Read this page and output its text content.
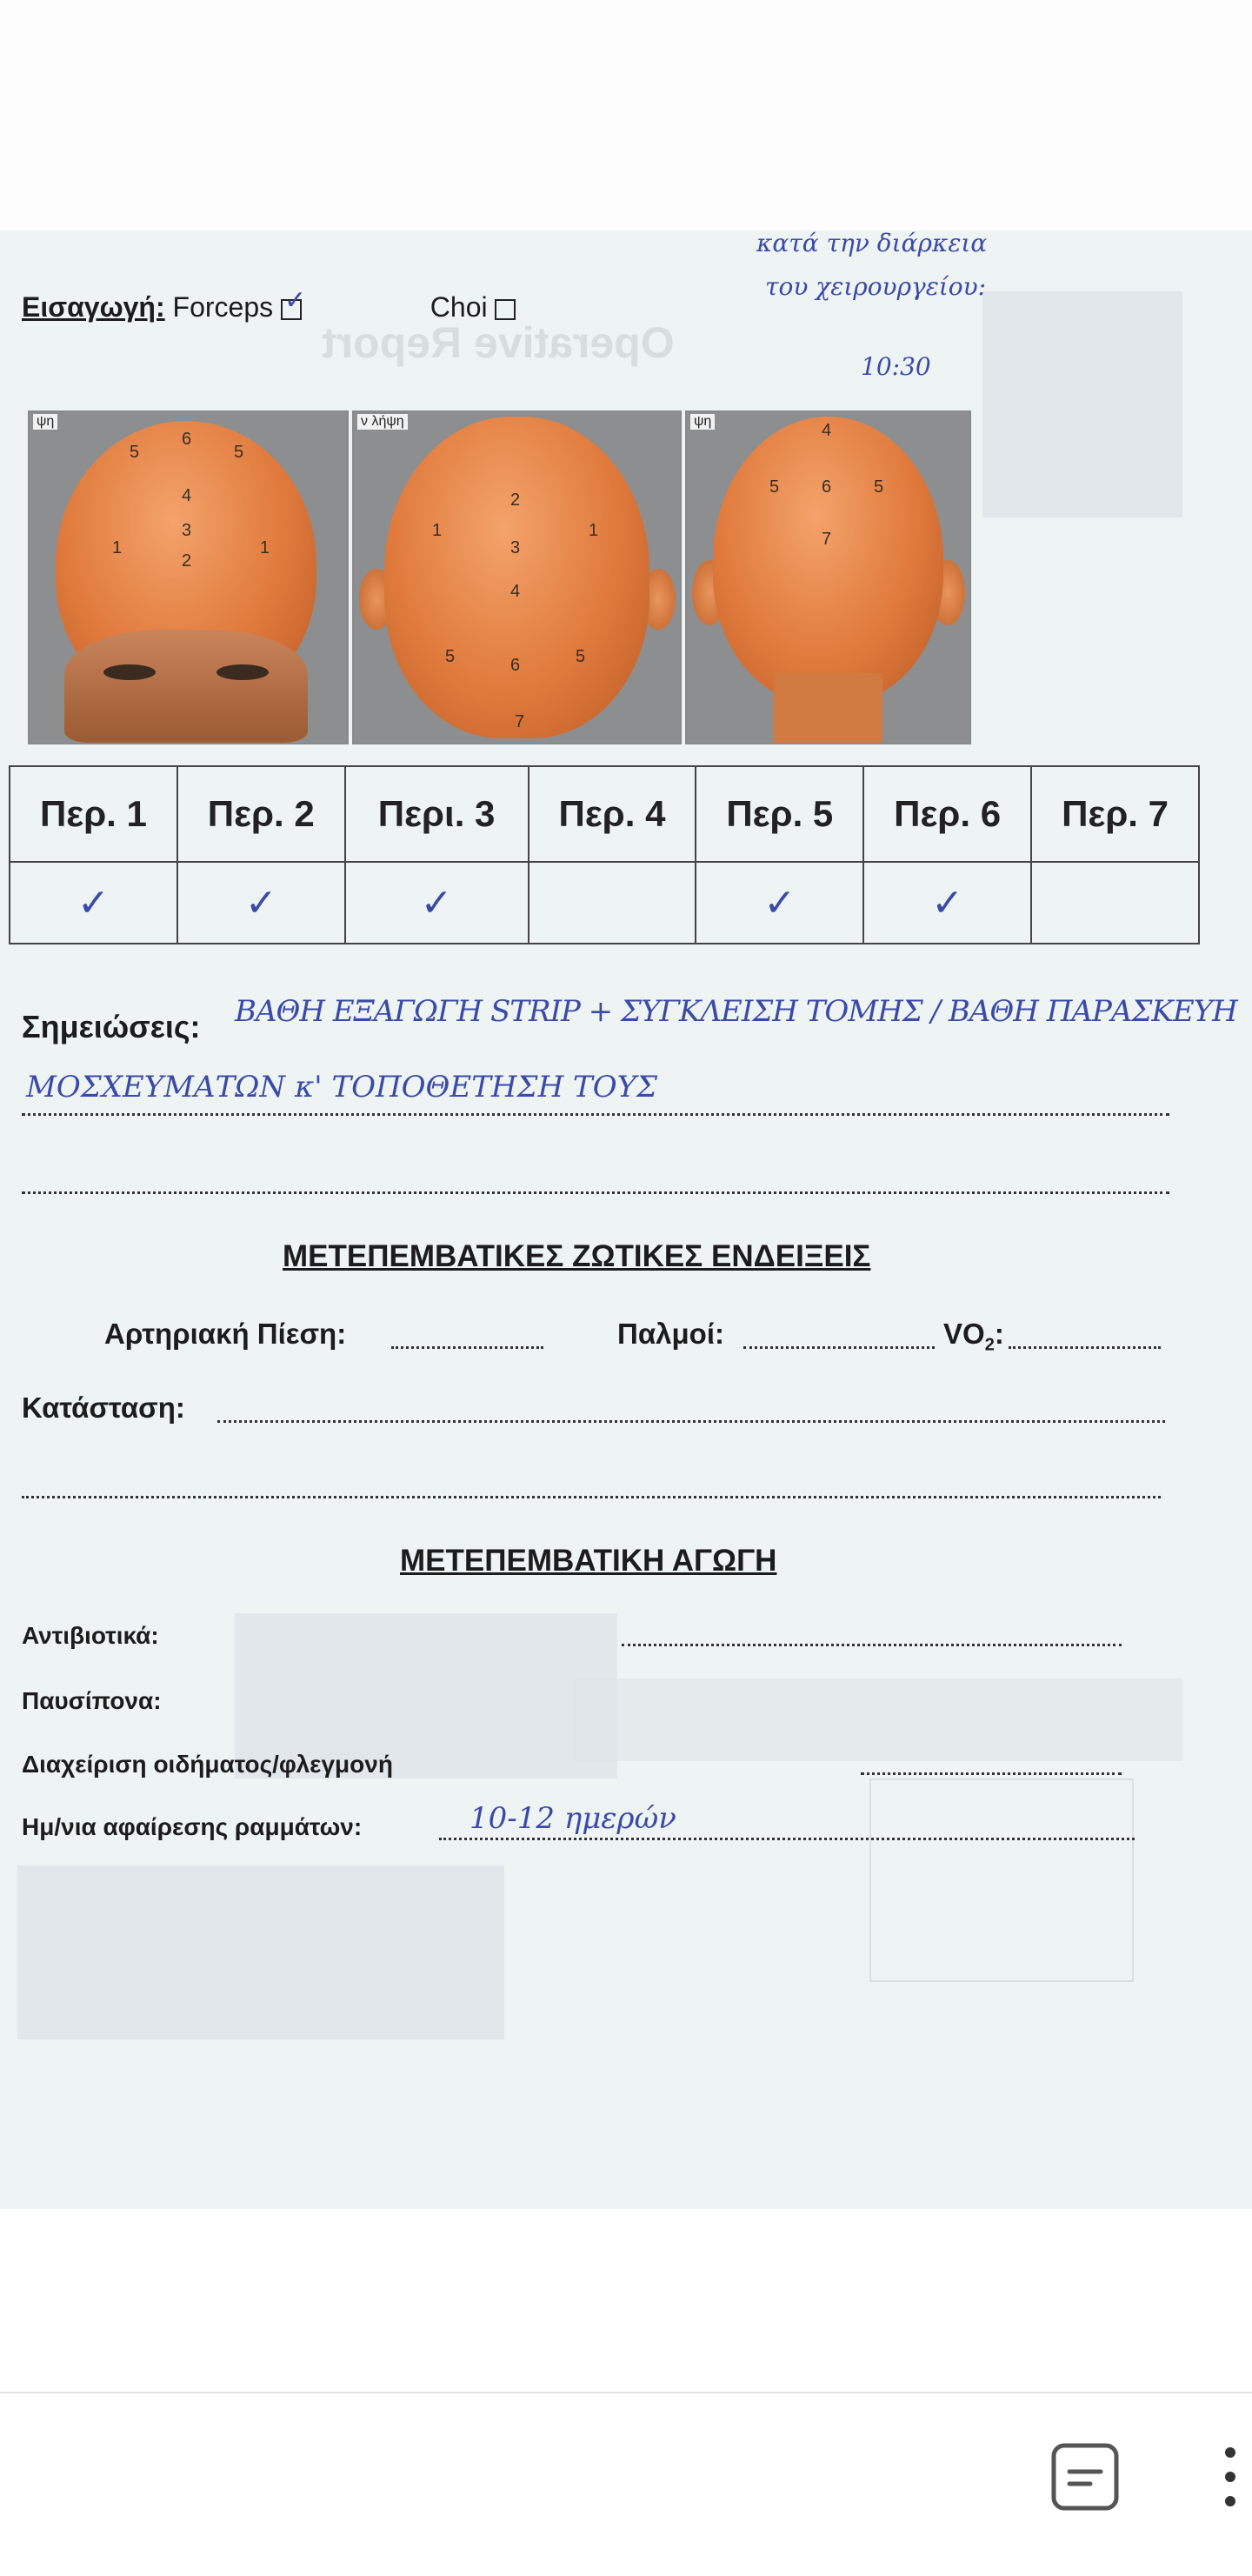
Operative Report
κατά την διάρκεια
του χειρουργείου:
10:30
Εισαγωγή: Forceps ✓	Choi
ψη
5
6
5
4
3
1
2
1
ν λήψη
2
1
3
1
4
5	6	5
7
ψη	4
5 6 5
7
Περ. 1	Περ. 2	Περι. 3	Περ. 4	Περ. 5	Περ. 6	Περ. 7
✓	✓	✓		✓	✓	
Σημειώσεις: ΒΑΘΗ ΕΞΑΓΩΓΗ STRIP + ΣΥΓΚΛΕΙΣΗ ΤΟΜΗΣ / ΒΑΘΗ ΠΑΡΑΣΚΕΥΗ
ΜΟΣΧΕΥΜΑΤΩΝ κ' ΤΟΠΟΘΕΤΗΣΗ ΤΟΥΣ
ΜΕΤΕΠΕΜΒΑΤΙΚΕΣ ΖΩΤΙΚΕΣ ΕΝΔΕΙΞΕΙΣ
Αρτηριακή Πίεση:	Παλμοί:	$VO_2$:
Κατάσταση:
ΜΕΤΕΠΕΜΒΑΤΙΚΗ ΑΓΩΓΗ
Αντιβιοτικά:
Παυσίπονα:
Διαχείριση οιδήματος/φλεγμονή
Ημ/νια αφαίρεσης ραμμάτων:	10-12 ημερών
